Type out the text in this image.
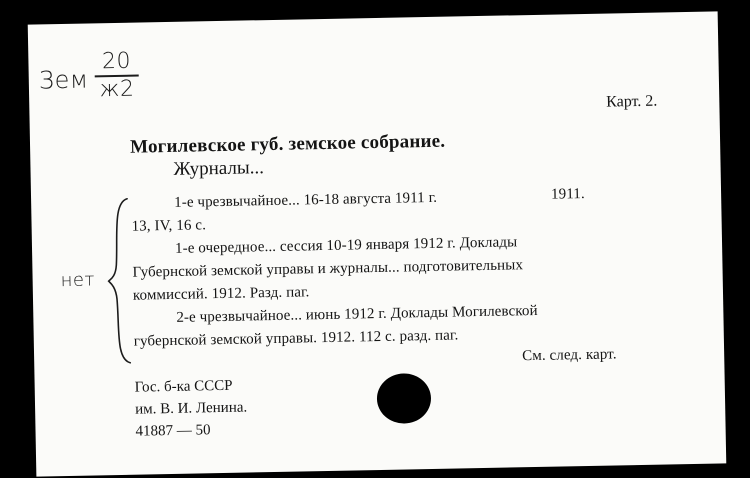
Зем
20
ж2	Карт. 2.
Могилевское губ. земское собрание.
Журналы...
1-е чрезвычайное... 16-18 августа 1911 г.	1911.
13, IV, 16 с.
1-е очередное... сессия 10-19 января 1912 г. Доклады
Губернской земской управы и журналы... подготовительных
коммиссий. 1912. Разд. паг.
2-е чрезвычайное... июнь 1912 г. Доклады Могилевской
губернской земской управы. 1912. 112 с. разд. паг.
См. след. карт.
нет
Гос. б-ка СССР
им. В. И. Ленина.
41887 — 50
